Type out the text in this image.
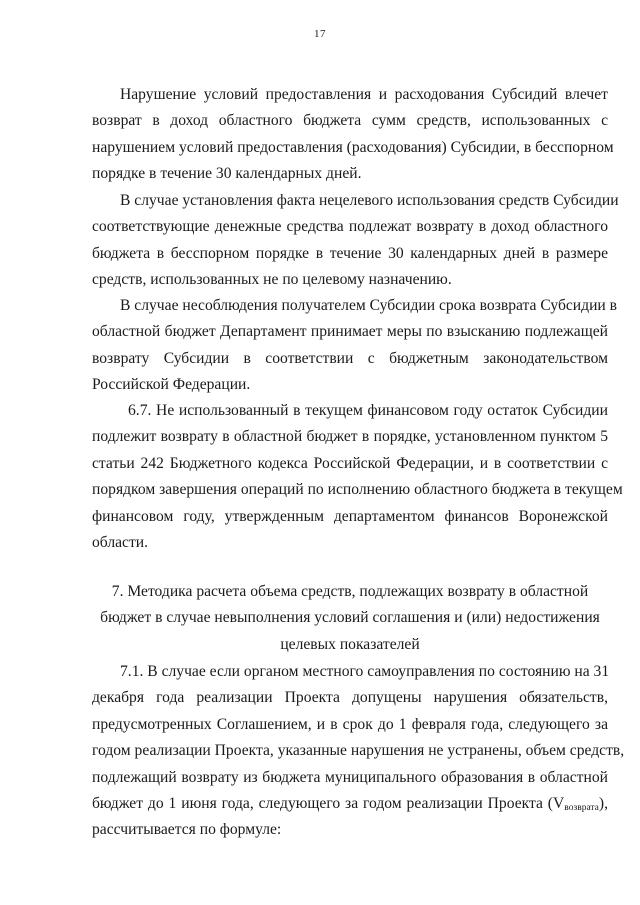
17
Нарушение условий предоставления и расходования Субсидий влечет
возврат в доход областного бюджета сумм средств, использованных с
нарушением условий предоставления (расходования) Субсидии, в бесспорном
порядке в течение 30 календарных дней.
В случае установления факта нецелевого использования средств Субсидии
соответствующие денежные средства подлежат возврату в доход областного
бюджета в бесспорном порядке в течение 30 календарных дней в размере
средств, использованных не по целевому назначению.
В случае несоблюдения получателем Субсидии срока возврата Субсидии в
областной бюджет Департамент принимает меры по взысканию подлежащей
возврату Субсидии в соответствии с бюджетным законодательством
Российской Федерации.
6.7. Не использованный в текущем финансовом году остаток Субсидии
подлежит возврату в областной бюджет в порядке, установленном пунктом 5
статьи 242 Бюджетного кодекса Российской Федерации, и в соответствии с
порядком завершения операций по исполнению областного бюджета в текущем
финансовом году, утвержденным департаментом финансов Воронежской
области.
7. Методика расчета объема средств, подлежащих возврату в областной
бюджет в случае невыполнения условий соглашения и (или) недостижения
целевых показателей
7.1. В случае если органом местного самоуправления по состоянию на 31
декабря года реализации Проекта допущены нарушения обязательств,
предусмотренных Соглашением, и в срок до 1 февраля года, следующего за
годом реализации Проекта, указанные нарушения не устранены, объем средств,
подлежащий возврату из бюджета муниципального образования в областной
бюджет до 1 июня года, следующего за годом реализации Проекта $(V_{возврата})$,
рассчитывается по формуле:
